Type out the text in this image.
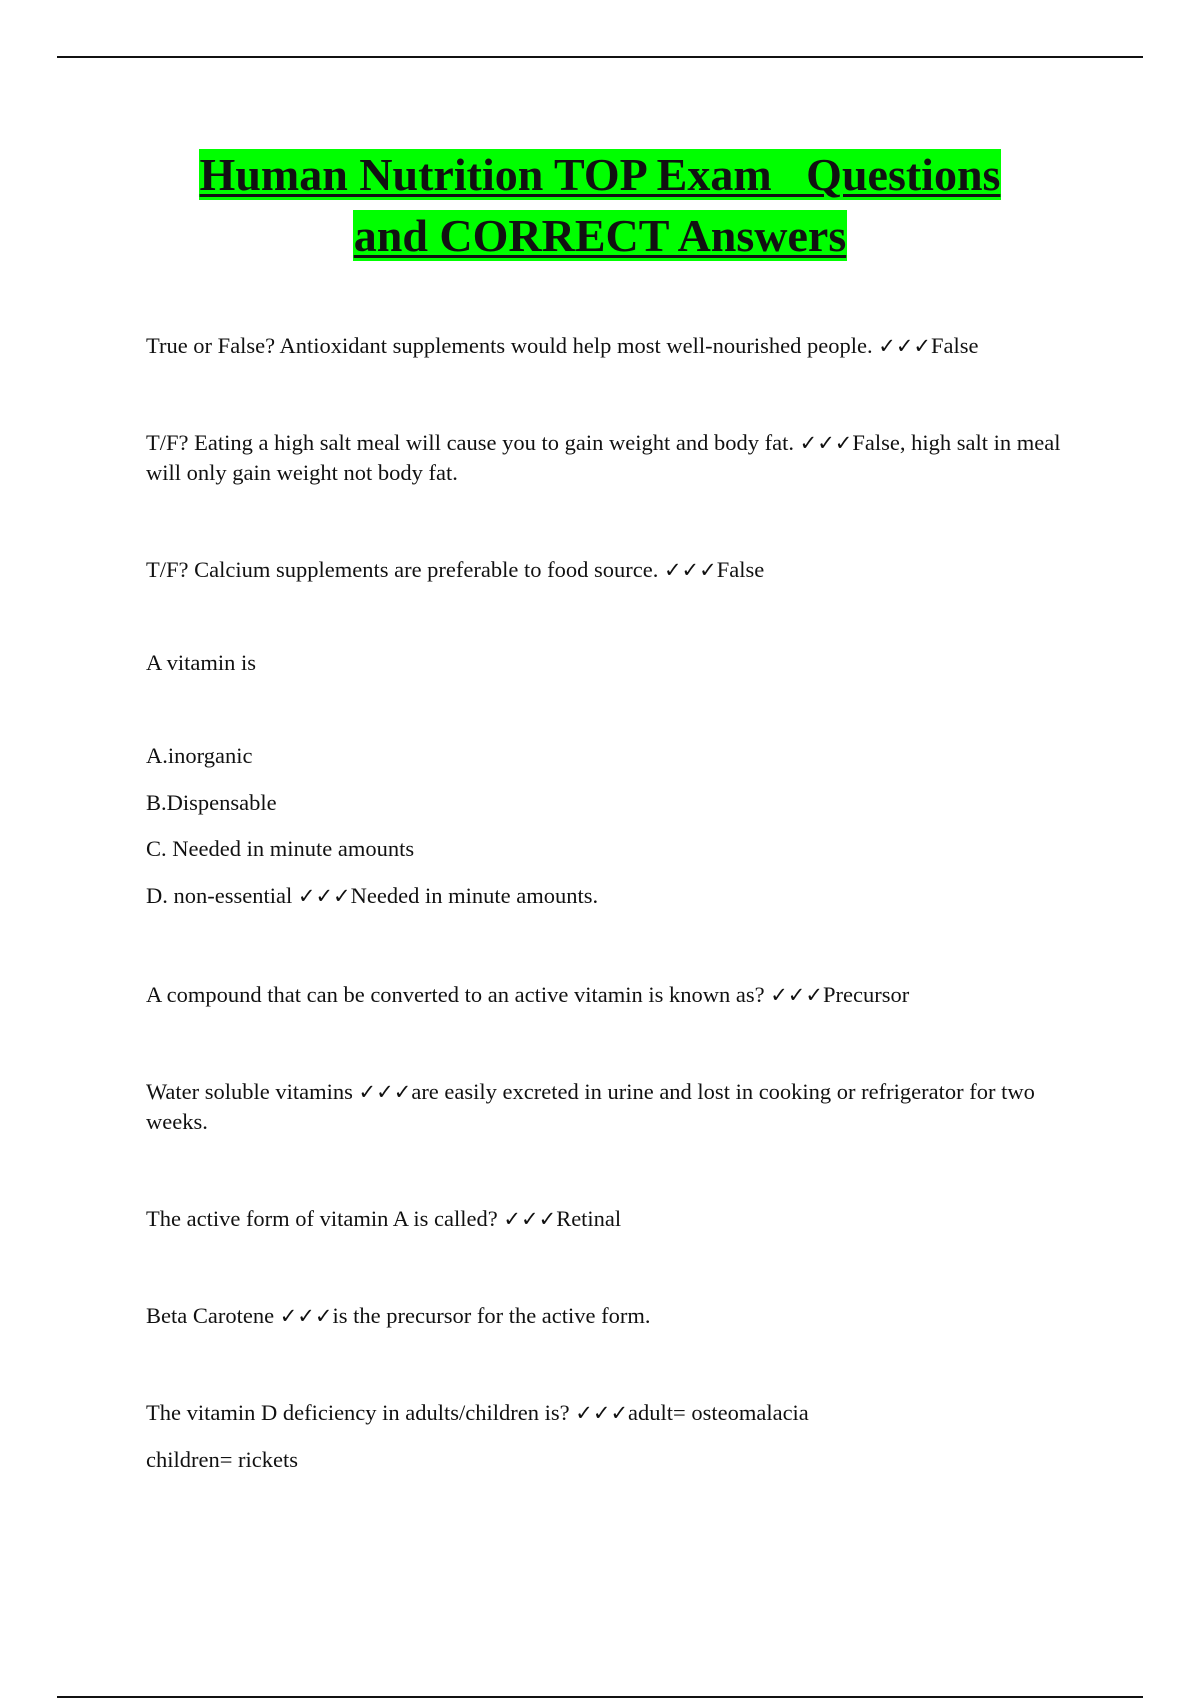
Human Nutrition TOP Exam   Questions
and CORRECT Answers

True or False? Antioxidant supplements would help most well-nourished people. ✓✓✓False

T/F? Eating a high salt meal will cause you to gain weight and body fat. ✓✓✓False, high salt in meal will only gain weight not body fat.

T/F? Calcium supplements are preferable to food source. ✓✓✓False

A vitamin is

A.inorganic

B.Dispensable

C. Needed in minute amounts

D. non-essential ✓✓✓Needed in minute amounts.

A compound that can be converted to an active vitamin is known as? ✓✓✓Precursor

Water soluble vitamins ✓✓✓are easily excreted in urine and lost in cooking or refrigerator for two weeks.

The active form of vitamin A is called? ✓✓✓Retinal

Beta Carotene ✓✓✓is the precursor for the active form.

The vitamin D deficiency in adults/children is? ✓✓✓adult= osteomalacia

children= rickets
